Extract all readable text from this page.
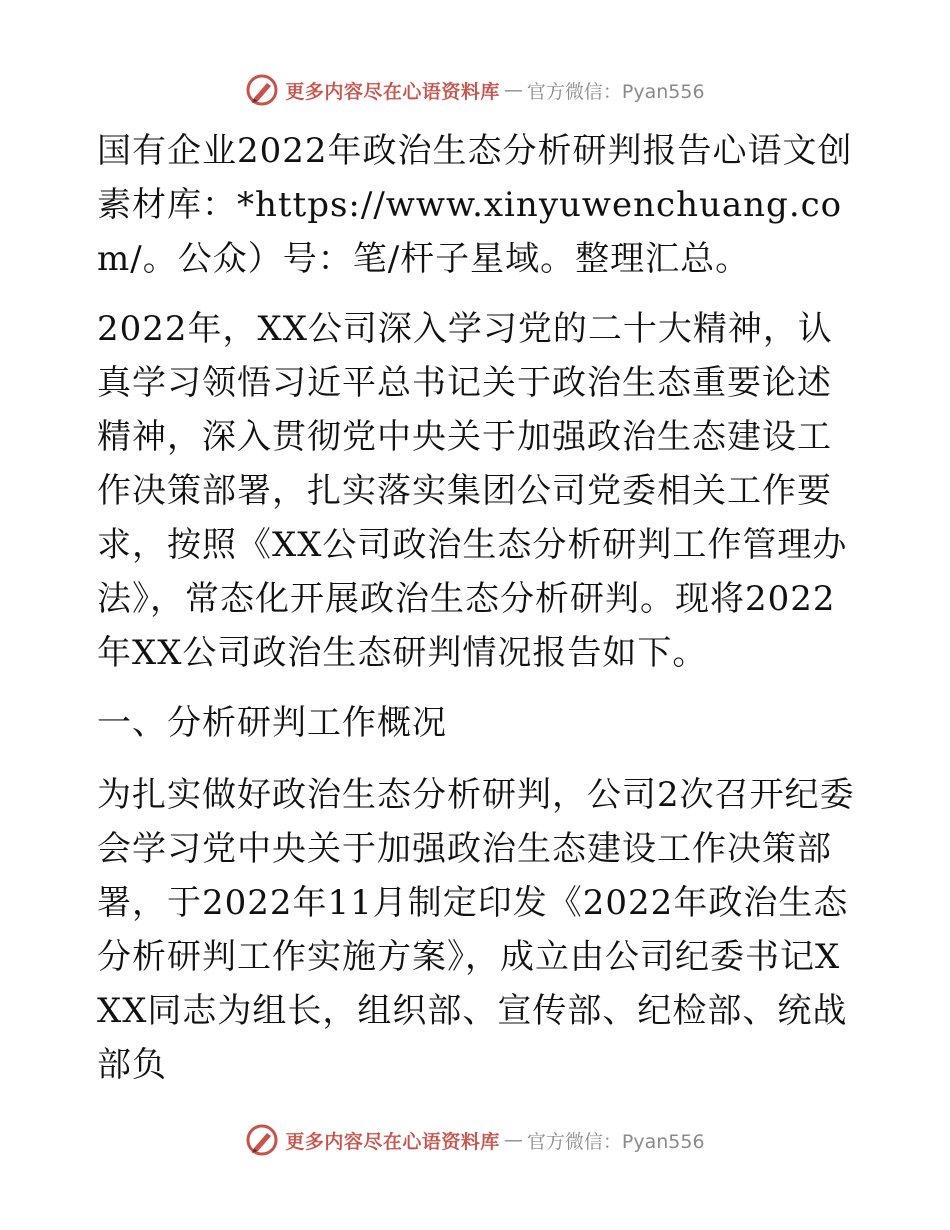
更多内容尽在心语资料库 — 官方微信：Pyan556

国有企业2022年政治生态分析研判报告心语文创素材库：*https://www.xinyuwenchuang.com/。公众）号：笔/杆子星域。整理汇总。

2022年，XX公司深入学习党的二十大精神，认真学习领悟习近平总书记关于政治生态重要论述精神，深入贯彻党中央关于加强政治生态建设工作决策部署，扎实落实集团公司党委相关工作要求，按照《XX公司政治生态分析研判工作管理办法》，常态化开展政治生态分析研判。现将2022年XX公司政治生态研判情况报告如下。

一、分析研判工作概况

为扎实做好政治生态分析研判，公司2次召开纪委会学习党中央关于加强政治生态建设工作决策部署，于2022年11月制定印发《2022年政治生态分析研判工作实施方案》，成立由公司纪委书记XXX同志为组长，组织部、宣传部、纪检部、统战部负

更多内容尽在心语资料库 — 官方微信：Pyan556
